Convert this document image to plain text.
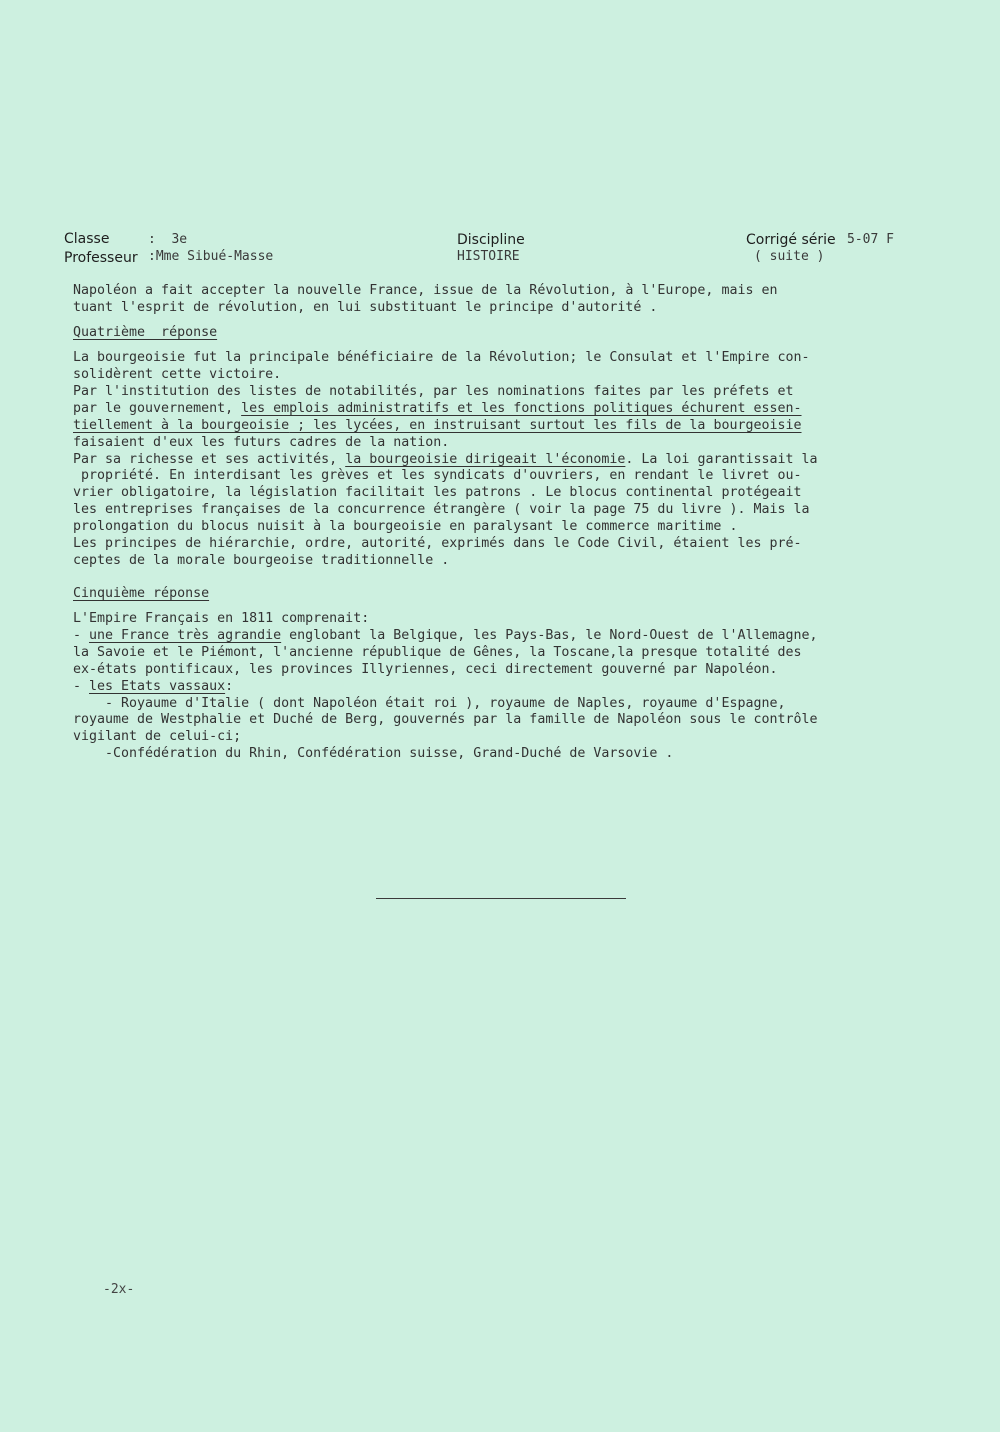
Classe	:  3e
Professeur :Mme Sibué-Masse
Discipline
HISTOIRE
Corrigé série 5-07 F
( suite )
Napoléon a fait accepter la nouvelle France, issue de la Révolution, à l'Europe, mais en
tuant l'esprit de révolution, en lui substituant le principe d'autorité .
Quatrième  réponse
La bourgeoisie fut la principale bénéficiaire de la Révolution; le Consulat et l'Empire con-
solidèrent cette victoire.
Par l'institution des listes de notabilités, par les nominations faites par les préfets et
par le gouvernement, les emplois administratifs et les fonctions politiques échurent essen-
tiellement à la bourgeoisie ; les lycées, en instruisant surtout les fils de la bourgeoisie
faisaient d'eux les futurs cadres de la nation.
Par sa richesse et ses activités, la bourgeoisie dirigeait l'économie. La loi garantissait la
propriété. En interdisant les grèves et les syndicats d'ouvriers, en rendant le livret ou-
vrier obligatoire, la législation facilitait les patrons . Le blocus continental protégeait
les entreprises françaises de la concurrence étrangère ( voir la page 75 du livre ). Mais la
prolongation du blocus nuisit à la bourgeoisie en paralysant le commerce maritime .
Les principes de hiérarchie, ordre, autorité, exprimés dans le Code Civil, étaient les pré-
ceptes de la morale bourgeoise traditionnelle .
Cinquième réponse
L'Empire Français en 1811 comprenait:
- une France très agrandie englobant la Belgique, les Pays-Bas, le Nord-Ouest de l'Allemagne,
la Savoie et le Piémont, l'ancienne république de Gênes, la Toscane,la presque totalité des
ex-états pontificaux, les provinces Illyriennes, ceci directement gouverné par Napoléon.
- les Etats vassaux:
- Royaume d'Italie ( dont Napoléon était roi ), royaume de Naples, royaume d'Espagne,
royaume de Westphalie et Duché de Berg, gouvernés par la famille de Napoléon sous le contrôle
vigilant de celui-ci;
-Confédération du Rhin, Confédération suisse, Grand-Duché de Varsovie .
-2x-
